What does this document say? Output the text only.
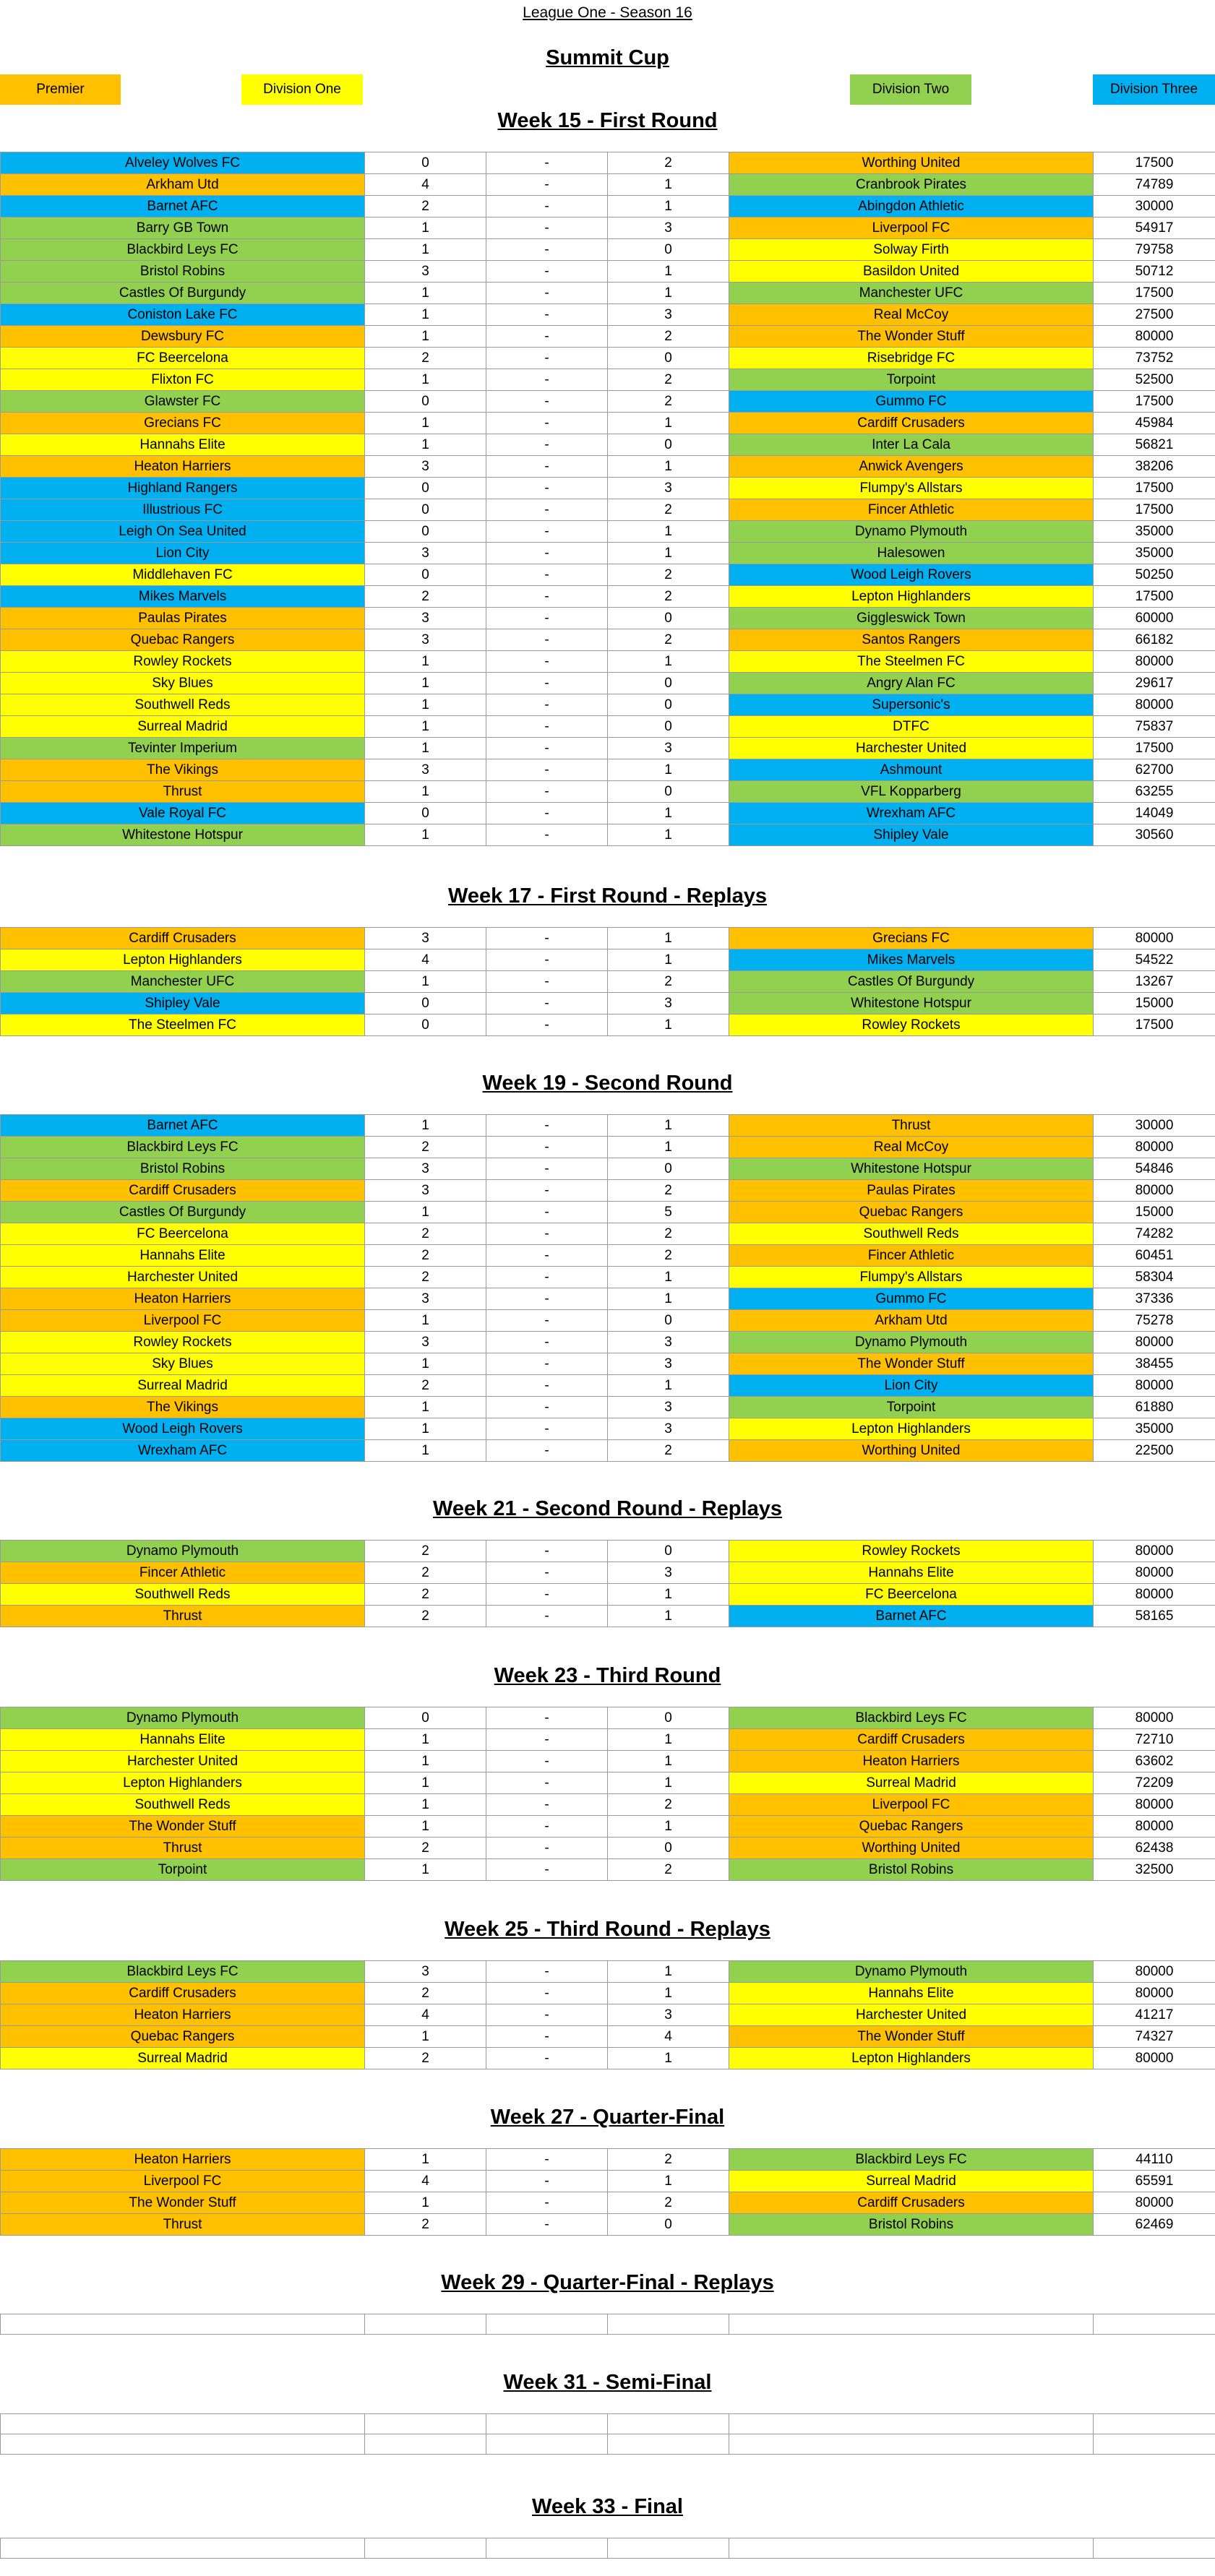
League One - Season 16
Summit Cup
Premier	Division One	Division Two	Division Three
Week 15 - First Round
Alveley Wolves FC	0	-	2	Worthing United	17500
Arkham Utd	4	-	1	Cranbrook Pirates	74789
Barnet AFC	2	-	1	Abingdon Athletic	30000
Barry GB Town	1	-	3	Liverpool FC	54917
Blackbird Leys FC	1	-	0	Solway Firth	79758
Bristol Robins	3	-	1	Basildon United	50712
Castles Of Burgundy	1	-	1	Manchester UFC	17500
Coniston Lake FC	1	-	3	Real McCoy	27500
Dewsbury FC	1	-	2	The Wonder Stuff	80000
FC Beercelona	2	-	0	Risebridge FC	73752
Flixton FC	1	-	2	Torpoint	52500
Glawster FC	0	-	2	Gummo FC	17500
Grecians FC	1	-	1	Cardiff Crusaders	45984
Hannahs Elite	1	-	0	Inter La Cala	56821
Heaton Harriers	3	-	1	Anwick Avengers	38206
Highland Rangers	0	-	3	Flumpy's Allstars	17500
Illustrious FC	0	-	2	Fincer Athletic	17500
Leigh On Sea United	0	-	1	Dynamo Plymouth	35000
Lion City	3	-	1	Halesowen	35000
Middlehaven FC	0	-	2	Wood Leigh Rovers	50250
Mikes Marvels	2	-	2	Lepton Highlanders	17500
Paulas Pirates	3	-	0	Giggleswick Town	60000
Quebac Rangers	3	-	2	Santos Rangers	66182
Rowley Rockets	1	-	1	The Steelmen FC	80000
Sky Blues	1	-	0	Angry Alan FC	29617
Southwell Reds	1	-	0	Supersonic's	80000
Surreal Madrid	1	-	0	DTFC	75837
Tevinter Imperium	1	-	3	Harchester United	17500
The Vikings	3	-	1	Ashmount	62700
Thrust	1	-	0	VFL Kopparberg	63255
Vale Royal FC	0	-	1	Wrexham AFC	14049
Whitestone Hotspur	1	-	1	Shipley Vale	30560
Week 17 - First Round - Replays
Cardiff Crusaders	3	-	1	Grecians FC	80000
Lepton Highlanders	4	-	1	Mikes Marvels	54522
Manchester UFC	1	-	2	Castles Of Burgundy	13267
Shipley Vale	0	-	3	Whitestone Hotspur	15000
The Steelmen FC	0	-	1	Rowley Rockets	17500
Week 19 - Second Round
Barnet AFC	1	-	1	Thrust	30000
Blackbird Leys FC	2	-	1	Real McCoy	80000
Bristol Robins	3	-	0	Whitestone Hotspur	54846
Cardiff Crusaders	3	-	2	Paulas Pirates	80000
Castles Of Burgundy	1	-	5	Quebac Rangers	15000
FC Beercelona	2	-	2	Southwell Reds	74282
Hannahs Elite	2	-	2	Fincer Athletic	60451
Harchester United	2	-	1	Flumpy's Allstars	58304
Heaton Harriers	3	-	1	Gummo FC	37336
Liverpool FC	1	-	0	Arkham Utd	75278
Rowley Rockets	3	-	3	Dynamo Plymouth	80000
Sky Blues	1	-	3	The Wonder Stuff	38455
Surreal Madrid	2	-	1	Lion City	80000
The Vikings	1	-	3	Torpoint	61880
Wood Leigh Rovers	1	-	3	Lepton Highlanders	35000
Wrexham AFC	1	-	2	Worthing United	22500
Week 21 - Second Round - Replays
Dynamo Plymouth	2	-	0	Rowley Rockets	80000
Fincer Athletic	2	-	3	Hannahs Elite	80000
Southwell Reds	2	-	1	FC Beercelona	80000
Thrust	2	-	1	Barnet AFC	58165
Week 23 - Third Round
Dynamo Plymouth	0	-	0	Blackbird Leys FC	80000
Hannahs Elite	1	-	1	Cardiff Crusaders	72710
Harchester United	1	-	1	Heaton Harriers	63602
Lepton Highlanders	1	-	1	Surreal Madrid	72209
Southwell Reds	1	-	2	Liverpool FC	80000
The Wonder Stuff	1	-	1	Quebac Rangers	80000
Thrust	2	-	0	Worthing United	62438
Torpoint	1	-	2	Bristol Robins	32500
Week 25 - Third Round - Replays
Blackbird Leys FC	3	-	1	Dynamo Plymouth	80000
Cardiff Crusaders	2	-	1	Hannahs Elite	80000
Heaton Harriers	4	-	3	Harchester United	41217
Quebac Rangers	1	-	4	The Wonder Stuff	74327
Surreal Madrid	2	-	1	Lepton Highlanders	80000
Week 27 - Quarter-Final
Heaton Harriers	1	-	2	Blackbird Leys FC	44110
Liverpool FC	4	-	1	Surreal Madrid	65591
The Wonder Stuff	1	-	2	Cardiff Crusaders	80000
Thrust	2	-	0	Bristol Robins	62469
Week 29 - Quarter-Final - Replays

Week 31 - Semi-Final

Week 33 - Final
